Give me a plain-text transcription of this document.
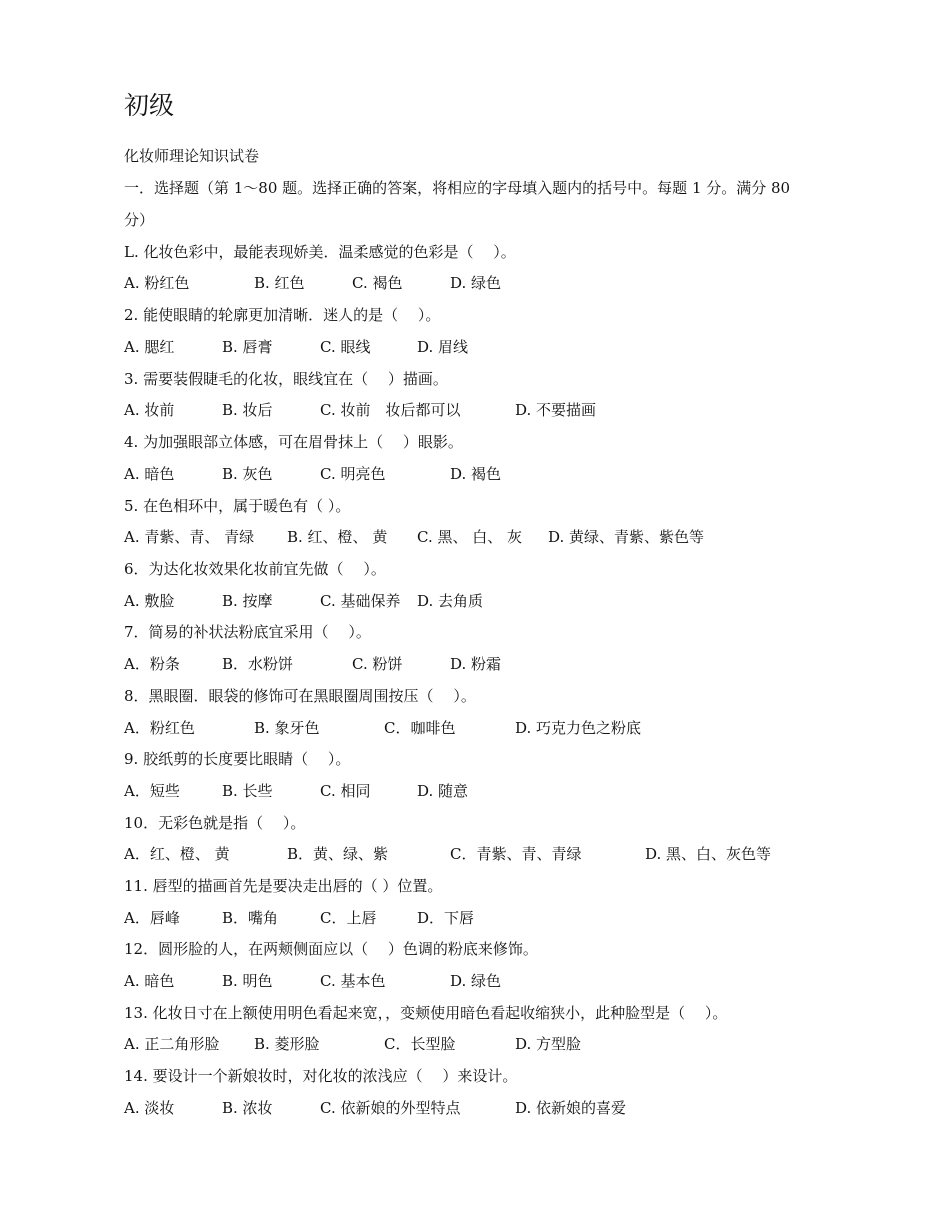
初级

化妆师理论知识试卷

一．选择题（第 1～80 题。选择正确的答案，将相应的字母填入题内的括号中。每题 1 分。满分 80

分）

L. 化妆色彩中，最能表现娇美．温柔感觉的色彩是（　 ）。

A. 粉红色

	B. 红色

	C. 褐色

	D. 绿色

2. 能使眼睛的轮廓更加清晰．迷人的是（　 ）。

A. 腮红

	B. 唇膏

	C. 眼线

	D. 眉线

3. 需要装假睫毛的化妆，眼线宜在（　 ）描画。

A. 妆前

	B. 妆后

	C. 妆前　妆后都可以

	D. 不要描画

4. 为加强眼部立体感，可在眉骨抹上（　 ）眼影。

A. 暗色

	B. 灰色

	C. 明亮色

	D. 褐色

5. 在色相环中，属于暖色有（ ）。

A. 青紫、青、 青绿

B. 红、橙、 黄

C. 黑、 白、 灰

D. 黄绿、青紫、紫色等

6．为达化妆效果化妆前宜先做（　 ）。

A. 敷脸

	B. 按摩

	C. 基础保养

D. 去角质

7．简易的补状法粉底宜采用（　 ）。

A．粉条

	B．水粉饼

	C. 粉饼

	D. 粉霜

8．黑眼圈．眼袋的修饰可在黑眼圈周围按压（　 ）。

A．粉红色

	B. 象牙色

	C．咖啡色

	D. 巧克力色之粉底

9. 胶纸剪的长度要比眼睛（　 ）。

A．短些

	B. 长些

	C. 相同

	D. 随意

10．无彩色就是指（　 ）。

A．红、橙、 黄

	B．黄、绿、紫

	C．青紫、青、青绿

	D. 黑、白、灰色等

11. 唇型的描画首先是要决走出唇的（ ）位置。

A．唇峰

	B．嘴角

	C．上唇

	D．下唇

12．圆形脸的人，在两颊侧面应以（　 ）色调的粉底来修饰。

A. 暗色

	B. 明色

	C. 基本色

	D. 绿色

13. 化妆日寸在上额使用明色看起来宽，，变颊使用暗色看起收缩狭小，此种脸型是（　 ）。

A. 正二角形脸

B. 菱形脸

	C．长型脸

	D. 方型脸

14. 要设计一个新娘妆时，对化妆的浓浅应（　 ）来设计。

A. 淡妆

	B. 浓妆

	C. 依新娘的外型特点

	D. 依新娘的喜爱
